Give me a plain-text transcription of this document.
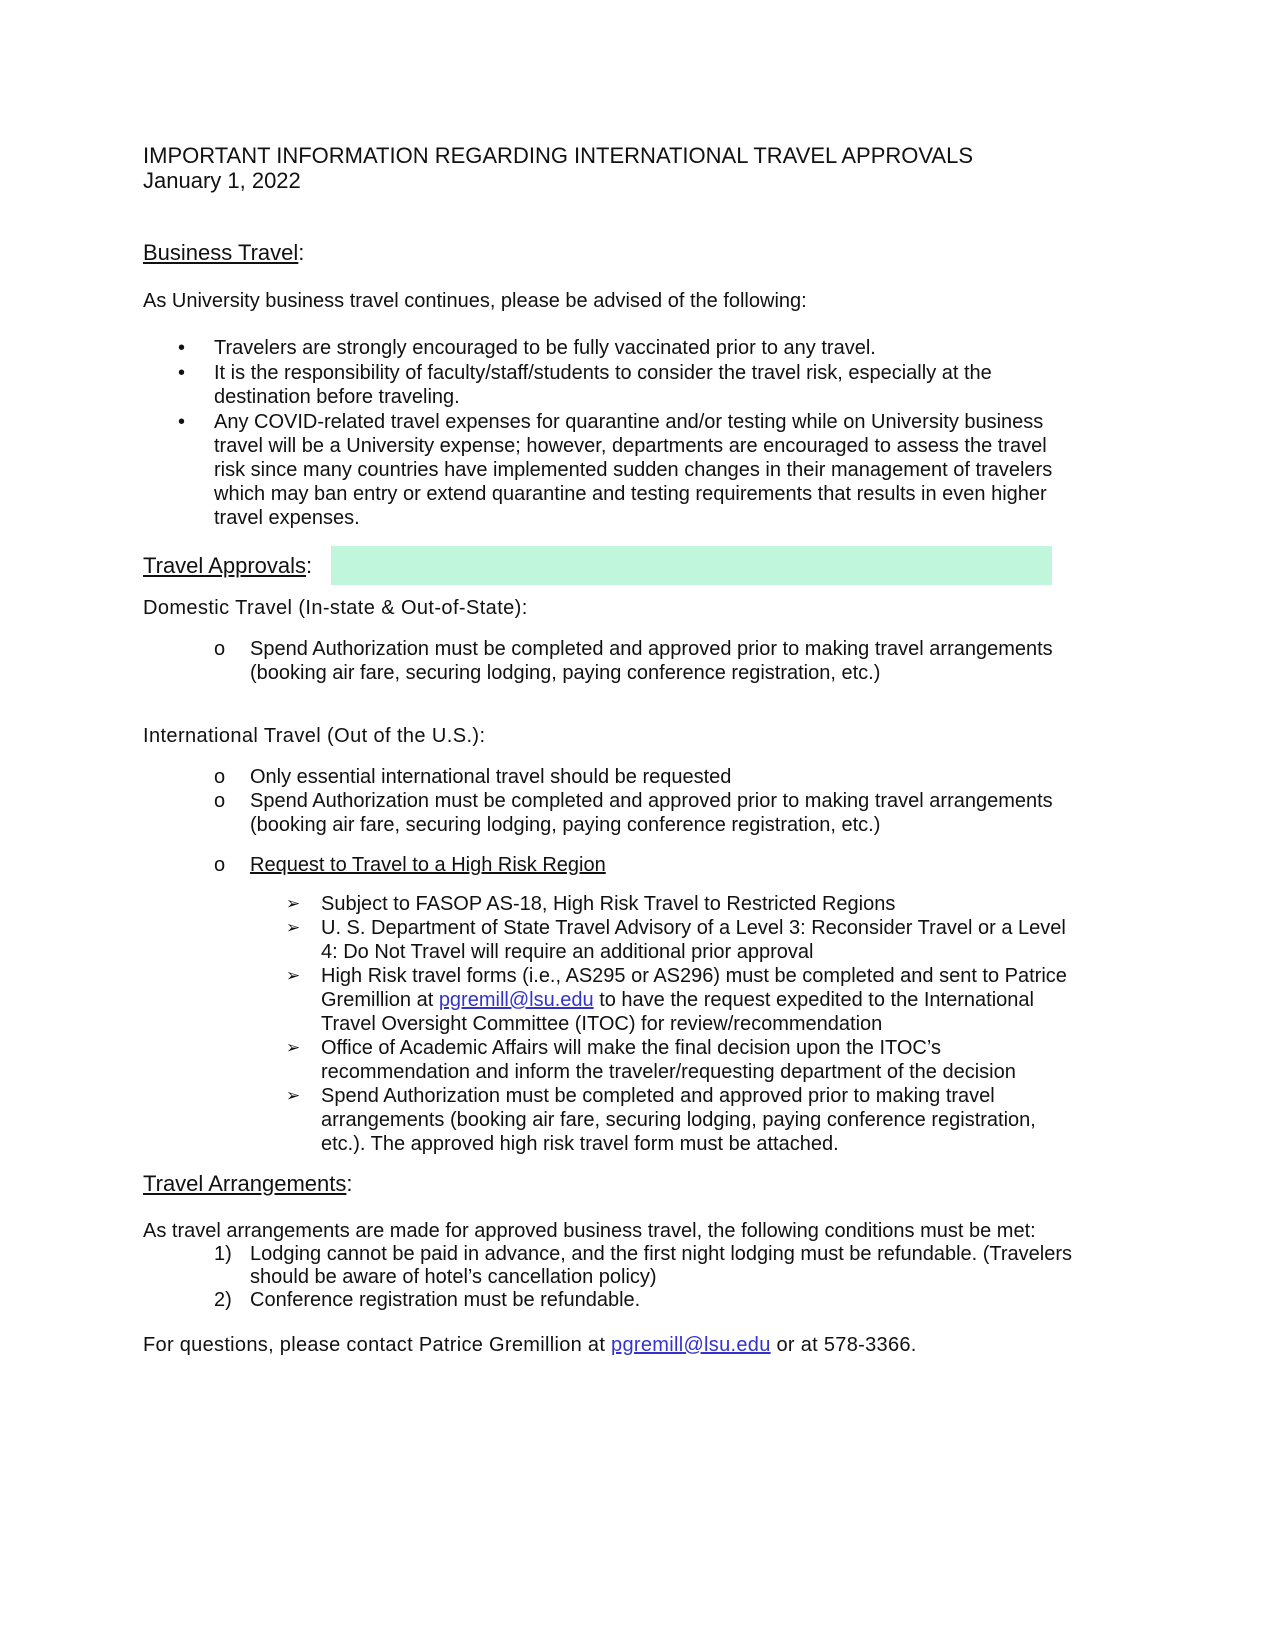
IMPORTANT INFORMATION REGARDING INTERNATIONAL TRAVEL APPROVALS
January 1, 2022
Business Travel:
As University business travel continues, please be advised of the following:
• Travelers are strongly encouraged to be fully vaccinated prior to any travel.
• It is the responsibility of faculty/staff/students to consider the travel risk, especially at the
destination before traveling.
• Any COVID-related travel expenses for quarantine and/or testing while on University business
travel will be a University expense; however, departments are encouraged to assess the travel
risk since many countries have implemented sudden changes in their management of travelers
which may ban entry or extend quarantine and testing requirements that results in even higher
travel expenses.
Travel Approvals:
Domestic Travel (In-state & Out-of-State):
o Spend Authorization must be completed and approved prior to making travel arrangements
(booking air fare, securing lodging, paying conference registration, etc.)
International Travel (Out of the U.S.):
o Only essential international travel should be requested
o Spend Authorization must be completed and approved prior to making travel arrangements
(booking air fare, securing lodging, paying conference registration, etc.)
o Request to Travel to a High Risk Region
➢ Subject to FASOP AS-18, High Risk Travel to Restricted Regions
➢ U. S. Department of State Travel Advisory of a Level 3: Reconsider Travel or a Level
4: Do Not Travel will require an additional prior approval
➢ High Risk travel forms (i.e., AS295 or AS296) must be completed and sent to Patrice
Gremillion at pgremill@lsu.edu to have the request expedited to the International
Travel Oversight Committee (ITOC) for review/recommendation
➢ Office of Academic Affairs will make the final decision upon the ITOC’s
recommendation and inform the traveler/requesting department of the decision
➢ Spend Authorization must be completed and approved prior to making travel
arrangements (booking air fare, securing lodging, paying conference registration,
etc.). The approved high risk travel form must be attached.
Travel Arrangements:
As travel arrangements are made for approved business travel, the following conditions must be met:
1) Lodging cannot be paid in advance, and the first night lodging must be refundable. (Travelers
should be aware of hotel’s cancellation policy)
2) Conference registration must be refundable.
For questions, please contact Patrice Gremillion at pgremill@lsu.edu or at 578-3366.
